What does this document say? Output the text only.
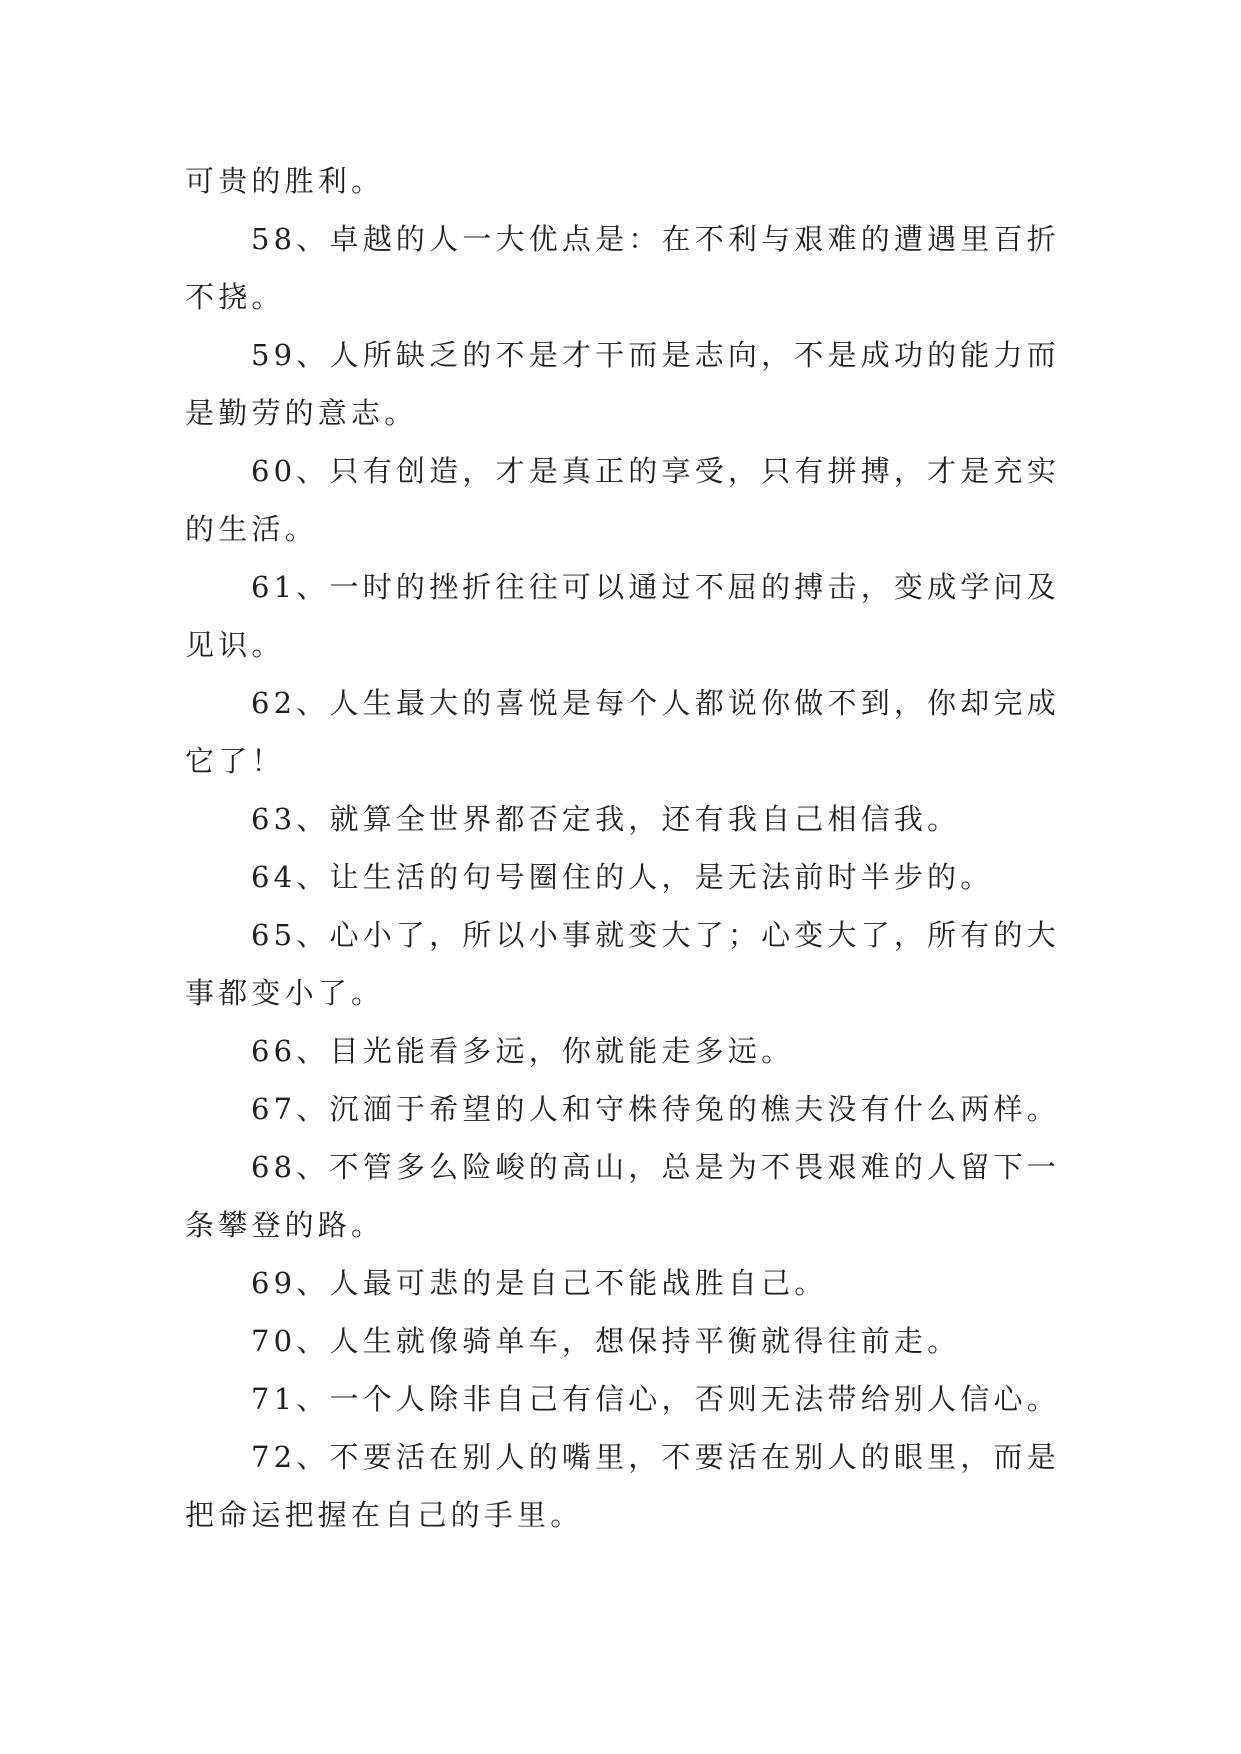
可贵的胜利。

58、卓越的人一大优点是：在不利与艰难的遭遇里百折不挠。

59、人所缺乏的不是才干而是志向，不是成功的能力而是勤劳的意志。

60、只有创造，才是真正的享受，只有拼搏，才是充实的生活。

61、一时的挫折往往可以通过不屈的搏击，变成学问及见识。

62、人生最大的喜悦是每个人都说你做不到，你却完成它了！

63、就算全世界都否定我，还有我自己相信我。

64、让生活的句号圈住的人，是无法前时半步的。

65、心小了，所以小事就变大了；心变大了，所有的大事都变小了。

66、目光能看多远，你就能走多远。

67、沉湎于希望的人和守株待兔的樵夫没有什么两样。

68、不管多么险峻的高山，总是为不畏艰难的人留下一条攀登的路。

69、人最可悲的是自己不能战胜自己。

70、人生就像骑单车，想保持平衡就得往前走。

71、一个人除非自己有信心，否则无法带给别人信心。

72、不要活在别人的嘴里，不要活在别人的眼里，而是把命运把握在自己的手里。
